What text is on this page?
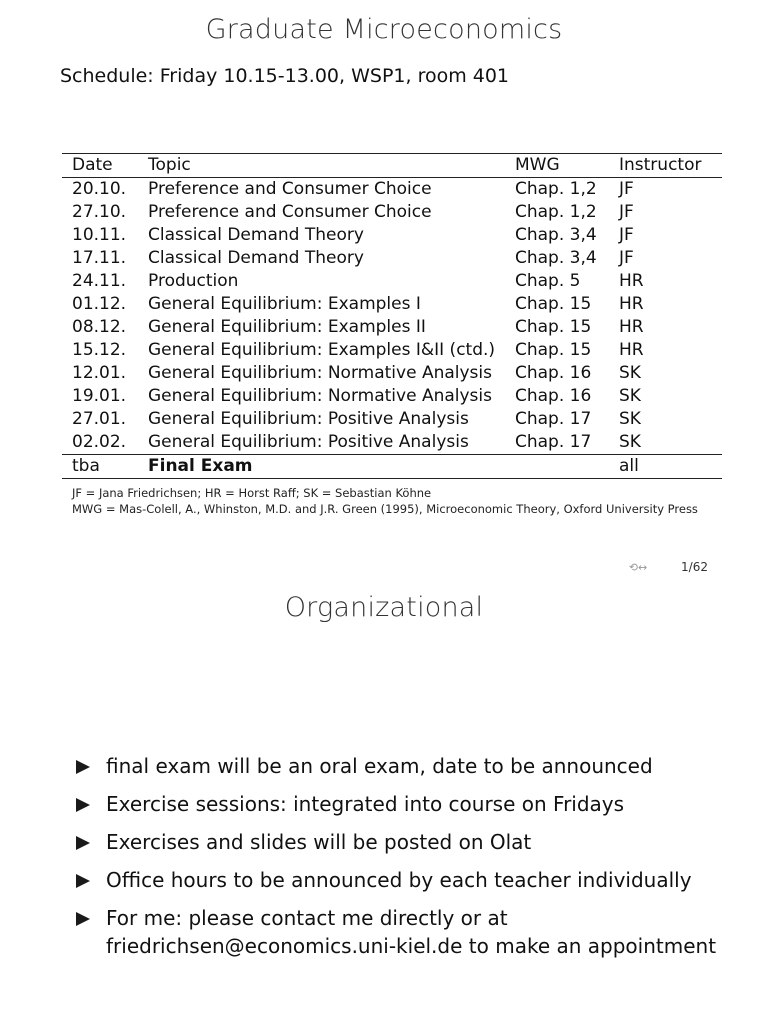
Graduate Microeconomics
Schedule: Friday 10.15-13.00, WSP1, room 401
Date	Topic	MWG	Instructor
20.10.	Preference and Consumer Choice	Chap. 1,2	JF
27.10.	Preference and Consumer Choice	Chap. 1,2	JF
10.11.	Classical Demand Theory	Chap. 3,4	JF
17.11.	Classical Demand Theory	Chap. 3,4	JF
24.11.	Production	Chap. 5	HR
01.12.	General Equilibrium: Examples I	Chap. 15	HR
08.12.	General Equilibrium: Examples II	Chap. 15	HR
15.12.	General Equilibrium: Examples I&II (ctd.)	Chap. 15	HR
12.01.	General Equilibrium: Normative Analysis	Chap. 16	SK
19.01.	General Equilibrium: Normative Analysis	Chap. 16	SK
27.01.	General Equilibrium: Positive Analysis	Chap. 17	SK
02.02.	General Equilibrium: Positive Analysis	Chap. 17	SK
tba	Final Exam		all
JF = Jana Friedrichsen; HR = Horst Raff; SK = Sebastian Köhne
MWG = Mas-Colell, A., Whinston, M.D. and J.R. Green (1995), Microeconomic Theory, Oxford University Press
⟲↔	1/62
Organizational
final exam will be an oral exam, date to be announced
Exercise sessions: integrated into course on Fridays
Exercises and slides will be posted on Olat
Office hours to be announced by each teacher individually
For me: please contact me directly or at friedrichsen@economics.uni-kiel.de to make an appointment
